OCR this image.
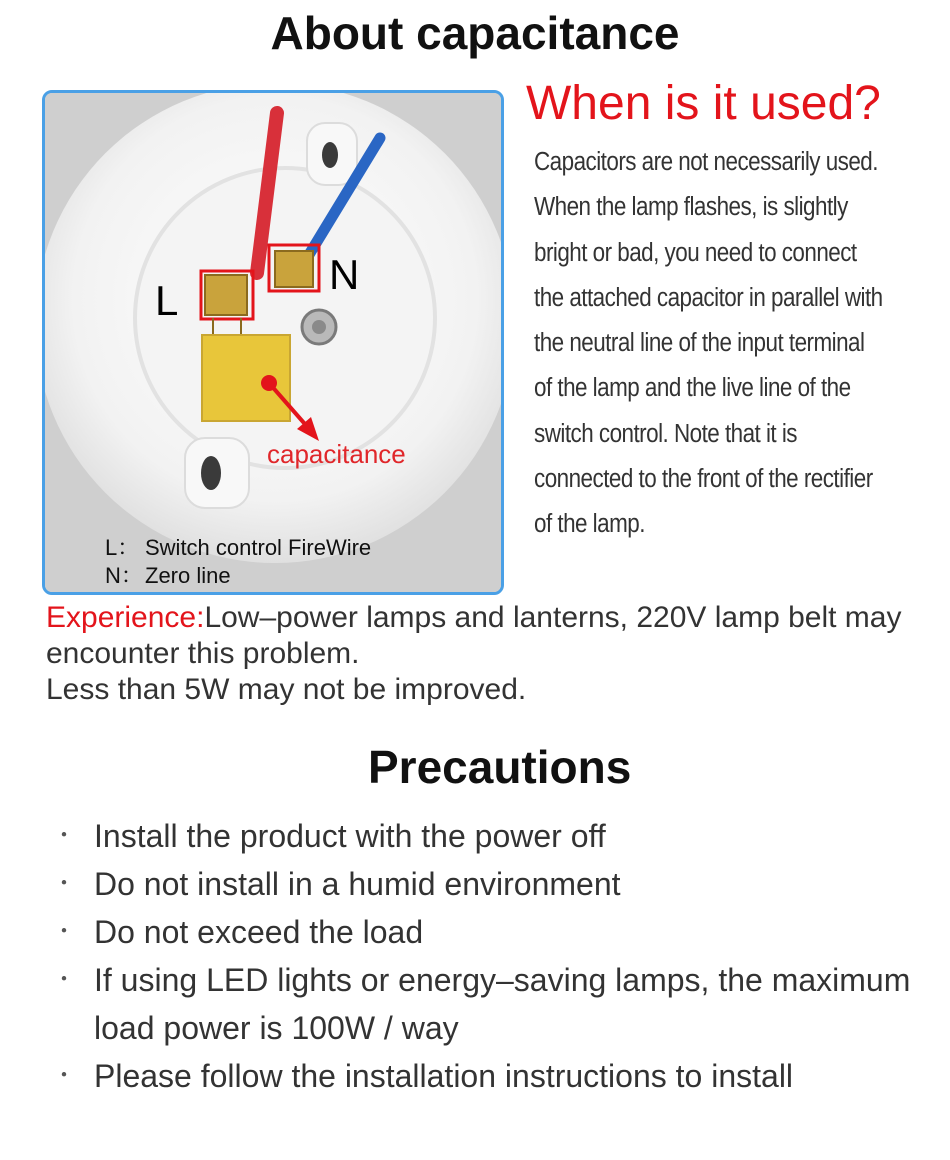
About capacitance
L
N
capacitance
L： Switch control FireWire
N：Zero line
When is it used?
Capacitors are not necessarily used.
When the lamp flashes, is slightly bright or bad, you need to connect the attached capacitor in parallel with the neutral line of the input terminal of the lamp and the live line of the switch control. Note that it is connected to the front of the rectifier of the lamp.
Experience:Low–power lamps and lanterns, 220V lamp belt may encounter this problem.
Less than 5W may not be improved.
Precautions
・ Install the product with the power off
・ Do not install in a humid environment
・ Do not exceed the load
・ If using LED lights or energy–saving lamps, the maximum load power is 100W / way
・ Please follow the installation instructions to install
